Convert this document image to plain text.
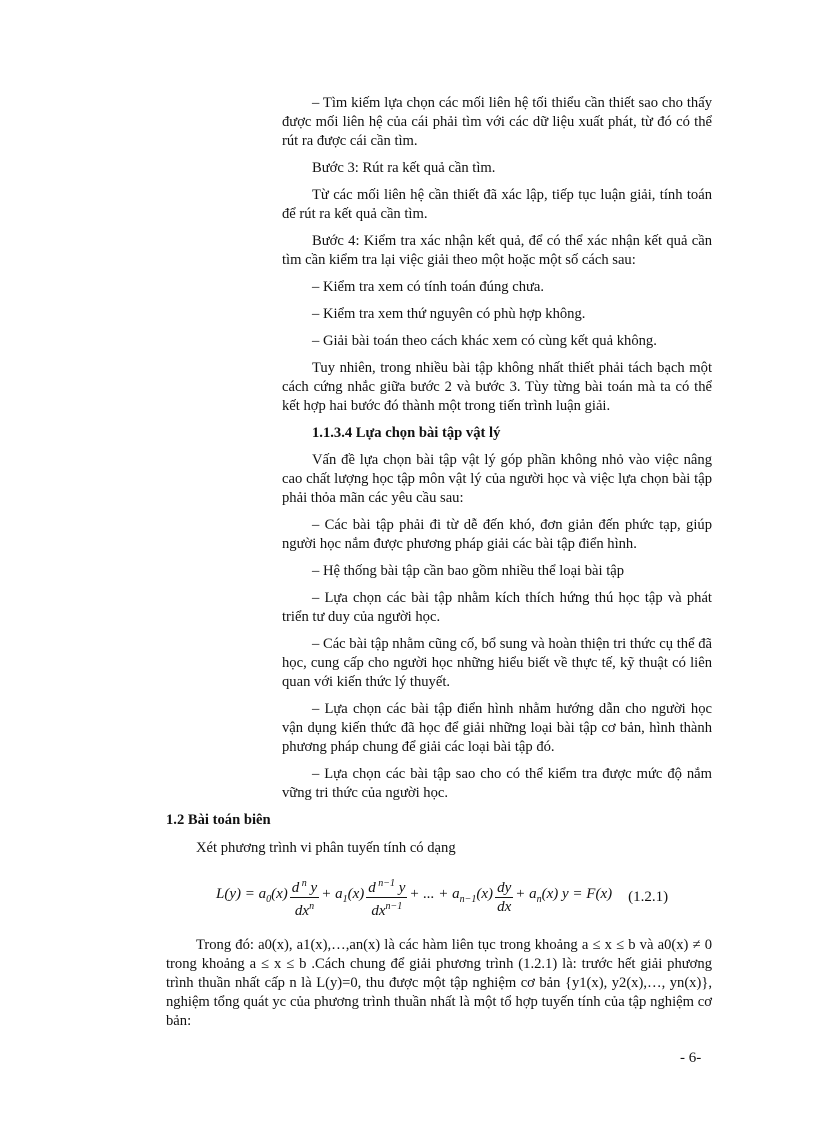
– Tìm kiếm lựa chọn các mối liên hệ tối thiểu cần thiết sao cho thấy được mối liên hệ của cái phải tìm với các dữ liệu xuất phát, từ đó có thể rút ra được cái cần tìm.

Bước 3: Rút ra kết quả cần tìm.

Từ các mối liên hệ cần thiết đã xác lập, tiếp tục luận giải, tính toán để rút ra kết quả cần tìm.

Bước 4: Kiểm tra xác nhận kết quả, để có thể xác nhận kết quả cần tìm cần kiểm tra lại việc giải theo một hoặc một số cách sau:

– Kiểm tra xem có tính toán đúng chưa.

– Kiểm tra xem thứ nguyên có phù hợp không.

– Giải bài toán theo cách khác xem có cùng kết quả không.

Tuy nhiên, trong nhiều bài tập không nhất thiết phải tách bạch một cách cứng nhắc giữa bước 2 và bước 3. Tùy từng bài toán mà ta có thể kết hợp hai bước đó thành một trong tiến trình luận giải.

1.1.3.4 Lựa chọn bài tập vật lý

Vấn đề lựa chọn bài tập vật lý góp phần không nhỏ vào việc nâng cao chất lượng học tập môn vật lý của người học và việc lựa chọn bài tập phải thỏa mãn các yêu cầu sau:

– Các bài tập phải đi từ dễ đến khó, đơn giản đến phức tạp, giúp người học nắm được phương pháp giải các bài tập điển hình.

– Hệ thống bài tập cần bao gồm nhiều thể loại bài tập

– Lựa chọn các bài tập nhằm kích thích hứng thú học tập và phát triển tư duy của người học.

– Các bài tập nhằm cũng cố, bổ sung và hoàn thiện tri thức cụ thể đã học, cung cấp cho người học những hiểu biết về thực tế, kỹ thuật có liên quan với kiến thức lý thuyết.

– Lựa chọn các bài tập điển hình nhằm hướng dẫn cho người học vận dụng kiến thức đã học để giải những loại bài tập cơ bản, hình thành phương pháp chung để giải các loại bài tập đó.

– Lựa chọn các bài tập sao cho có thể kiểm tra được mức độ nắm vững tri thức của người học.

1.2 Bài toán biên

Xét phương trình vi phân tuyến tính có dạng

$L(y) = a_0(x) \frac{d ^n y}{dx^n} + a_1(x) \frac{d ^{n-1} y}{dx^{n-1}}$ + ... + $a_{n-1}(x) \frac{dy}{dx} + a_n(x) y = F(x)$ (1.2.1)

Trong đó: a0(x), a1(x),…,an(x) là các hàm liên tục trong khoảng a ≤ x ≤ b và a0(x) ≠ 0 trong khoảng a ≤ x ≤ b .Cách chung để giải phương trình (1.2.1) là: trước hết giải phương trình thuần nhất cấp n là L(y)=0, thu được một tập nghiệm cơ bản {y1(x), y2(x),…, yn(x)}, nghiệm tổng quát yc của phương trình thuần nhất là một tổ hợp tuyến tính của tập nghiệm cơ bản:

- 6-
